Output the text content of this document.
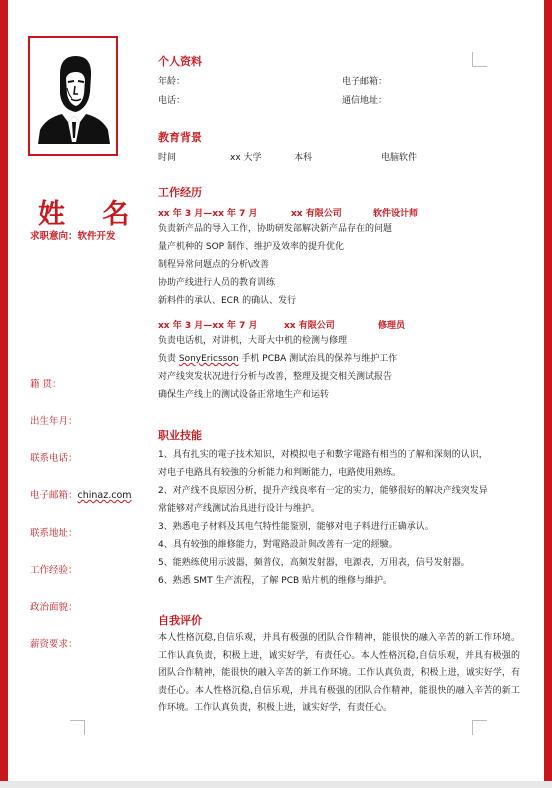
姓 名
求职意向：软件开发
籍 贯：
出生年月：
联系电话：
电子邮箱：chinaz.com
联系地址：
工作经验：
政治面貌：
薪资要求：
个人资料
年龄：	电子邮箱：
电话：	通信地址：
教育背景
时间	xx 大学	本科	电脑软件
工作经历
xx 年 3 月—xx 年 7 月	xx 有限公司	软件设计师

负责新产品的导入工作，协助研发部解决新产品存在的问题

量产机种的 SOP 制作、维护及效率的提升优化

制程异常问题点的分析\改善

协助产线进行人员的教育训练

新料件的承认、ECR 的确认、发行

xx 年 3 月—xx 年 7 月	xx 有限公司	修理员

负责电话机，对讲机，大哥大中机的检测与修理

负责 SonyEricsson 手机 PCBA 测试治具的保养与维护工作

对产线突发状况进行分析与改善，整理及提交相关测试报告

确保生产线上的测试设备正常地生产和运转

职业技能

1、具有扎实的電子技术知识，对模拟电子和數字電路有相当的了解和深刻的认识，

对电子电路具有较強的分析能力和判断能力，电路使用熟练。

2、对产线不良原因分析，提升产线良率有一定的实力，能够很好的解决产线突发异

常能够对产线测试治具进行设计与维护。

3、熟悉电子材料及其电气特性能鉴别，能够对电子料进行正确承认。

4、具有较強的維修能力，對電路設計與改善有一定的經驗。

5、能熟练使用示波器，频普仪，高频发射器，电源表，万用表，信号发射器。

6、熟悉 SMT 生产流程，了解 PCB 贴片机的维修与維护。

自我评价
本人性格沉稳,自信乐观，并具有极强的团队合作精神，能很快的融入辛苦的新工作环境。工作认真负责，积极上进，诚实好学，有责任心。本人性格沉稳,自信乐观，并具有极强的团队合作精神，能很快的融入辛苦的新工作环境。工作认真负责，积极上进，诚实好学，有责任心。本人性格沉稳,自信乐观，并具有极强的团队合作精神，能很快的融入辛苦的新工作环境。工作认真负责，积极上进，诚实好学，有责任心。
